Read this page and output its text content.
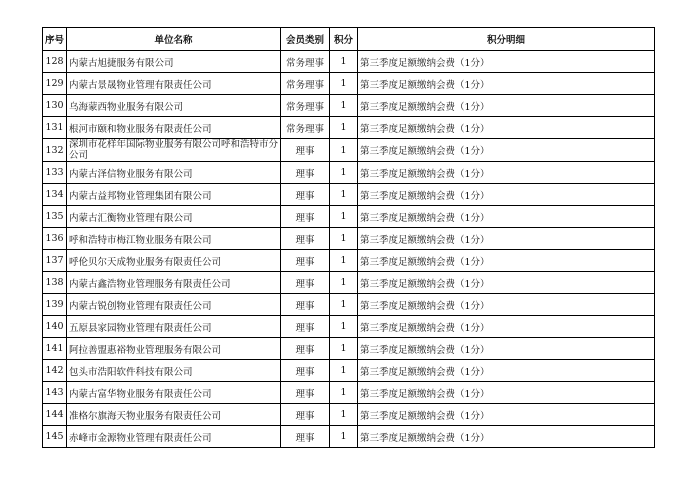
序号	单位名称	会员类别	积分	积分明细
128	内蒙古旭捷服务有限公司	常务理事	1	第三季度足额缴纳会费（1分）
129	内蒙古景晟物业管理有限责任公司	常务理事	1	第三季度足额缴纳会费（1分）
130	乌海蒙西物业服务有限公司	常务理事	1	第三季度足额缴纳会费（1分）
131	根河市颐和物业服务有限责任公司	常务理事	1	第三季度足额缴纳会费（1分）
132	深圳市花样年国际物业服务有限公司呼和浩特市分公司	理事	1	第三季度足额缴纳会费（1分）
133	内蒙古泽信物业服务有限公司	理事	1	第三季度足额缴纳会费（1分）
134	内蒙古益邦物业管理集团有限公司	理事	1	第三季度足额缴纳会费（1分）
135	内蒙古汇衡物业管理有限公司	理事	1	第三季度足额缴纳会费（1分）
136	呼和浩特市梅江物业服务有限公司	理事	1	第三季度足额缴纳会费（1分）
137	呼伦贝尔天成物业服务有限责任公司	理事	1	第三季度足额缴纳会费（1分）
138	内蒙古鑫浩物业管理服务有限责任公司	理事	1	第三季度足额缴纳会费（1分）
139	内蒙古锐创物业管理有限责任公司	理事	1	第三季度足额缴纳会费（1分）
140	五原县家园物业管理有限责任公司	理事	1	第三季度足额缴纳会费（1分）
141	阿拉善盟惠裕物业管理服务有限公司	理事	1	第三季度足额缴纳会费（1分）
142	包头市浩阳软件科技有限公司	理事	1	第三季度足额缴纳会费（1分）
143	内蒙古富华物业服务有限责任公司	理事	1	第三季度足额缴纳会费（1分）
144	准格尔旗海天物业服务有限责任公司	理事	1	第三季度足额缴纳会费（1分）
145	赤峰市金源物业管理有限责任公司	理事	1	第三季度足额缴纳会费（1分）
